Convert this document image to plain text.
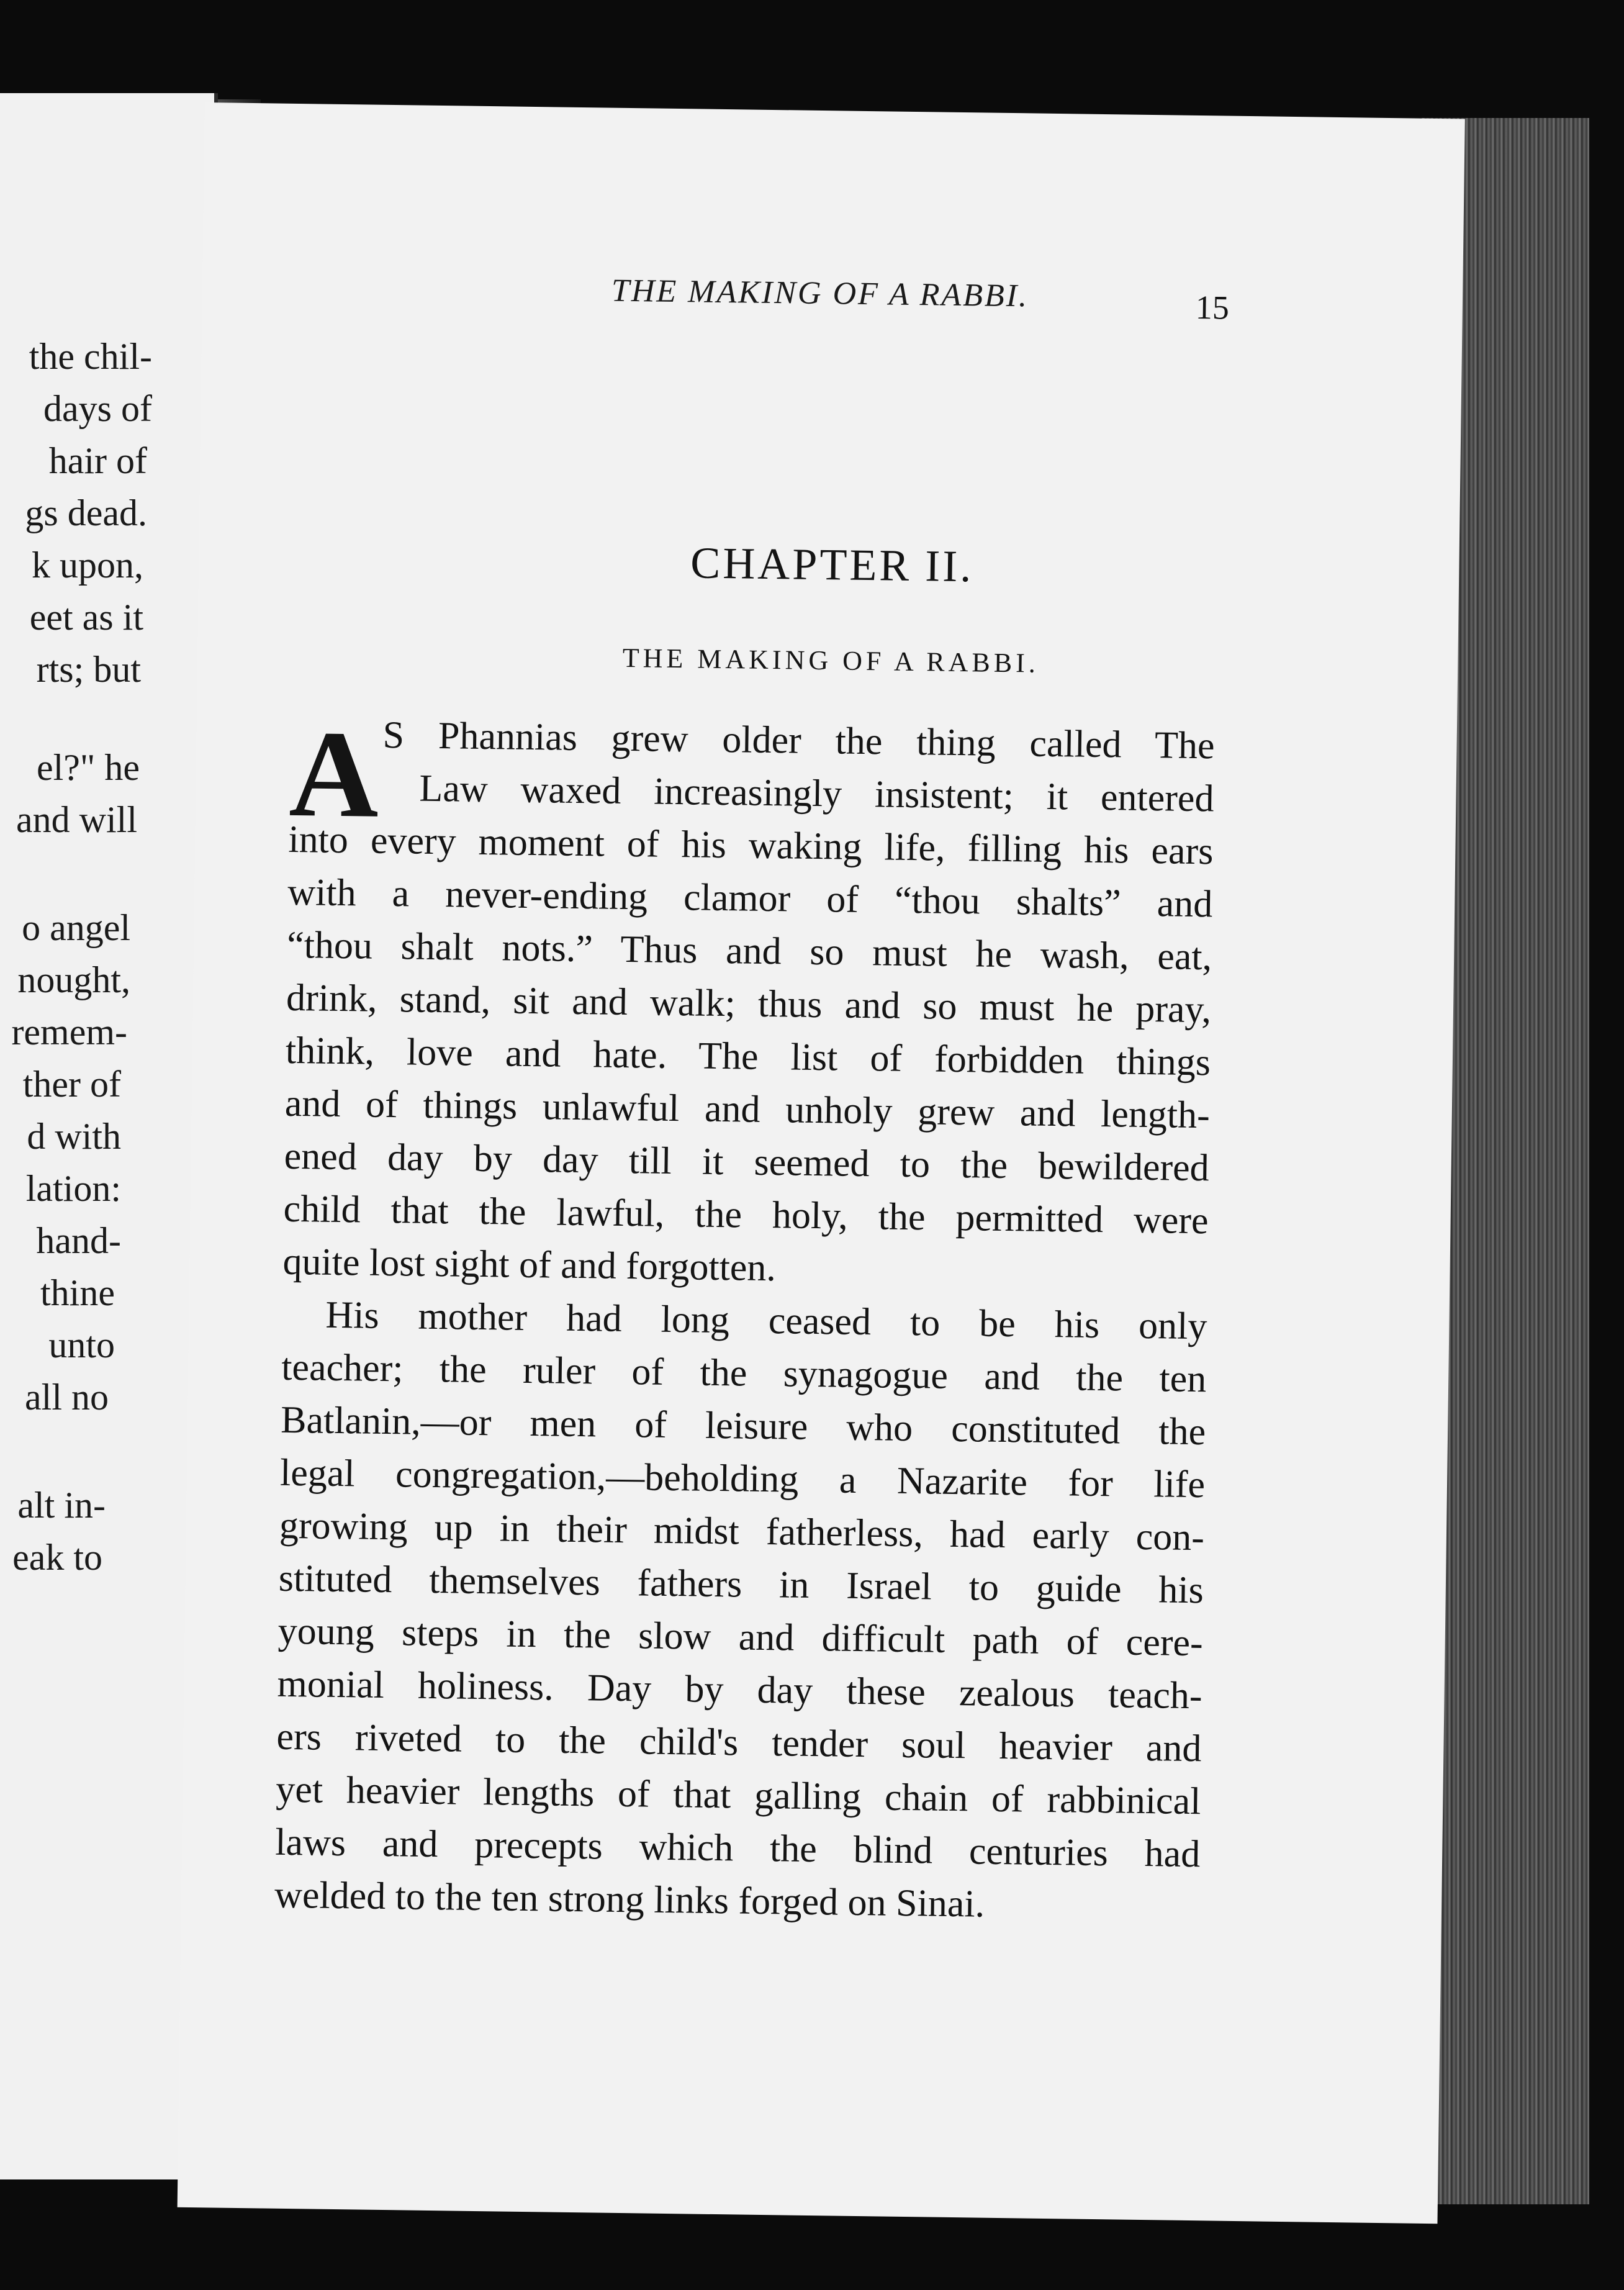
the chil-
days of
hair of
gs dead.
k upon,
eet as it
rts; but
el?" he
and will
o angel
nought,
remem-
ther of
d with
lation:
hand-
thine
unto
all no
alt in-
eak to
THE MAKING OF A RABBI.	15
CHAPTER II.
THE MAKING OF A RABBI.
A S Phannias grew older the thing called The
Law waxed increasingly insistent; it entered
into every moment of his waking life, filling his ears
with a never-ending clamor of “thou shalts” and
“thou shalt nots.” Thus and so must he wash, eat,
drink, stand, sit and walk; thus and so must he pray,
think, love and hate. The list of forbidden things
and of things unlawful and unholy grew and length-
ened day by day till it seemed to the bewildered
child that the lawful, the holy, the permitted were
quite lost sight of and forgotten.
His mother had long ceased to be his only
teacher; the ruler of the synagogue and the ten
Batlanin,—or men of leisure who constituted the
legal congregation,—beholding a Nazarite for life
growing up in their midst fatherless, had early con-
stituted themselves fathers in Israel to guide his
young steps in the slow and difficult path of cere-
monial holiness. Day by day these zealous teach-
ers riveted to the child's tender soul heavier and
yet heavier lengths of that galling chain of rabbinical
laws and precepts which the blind centuries had
welded to the ten strong links forged on Sinai.
